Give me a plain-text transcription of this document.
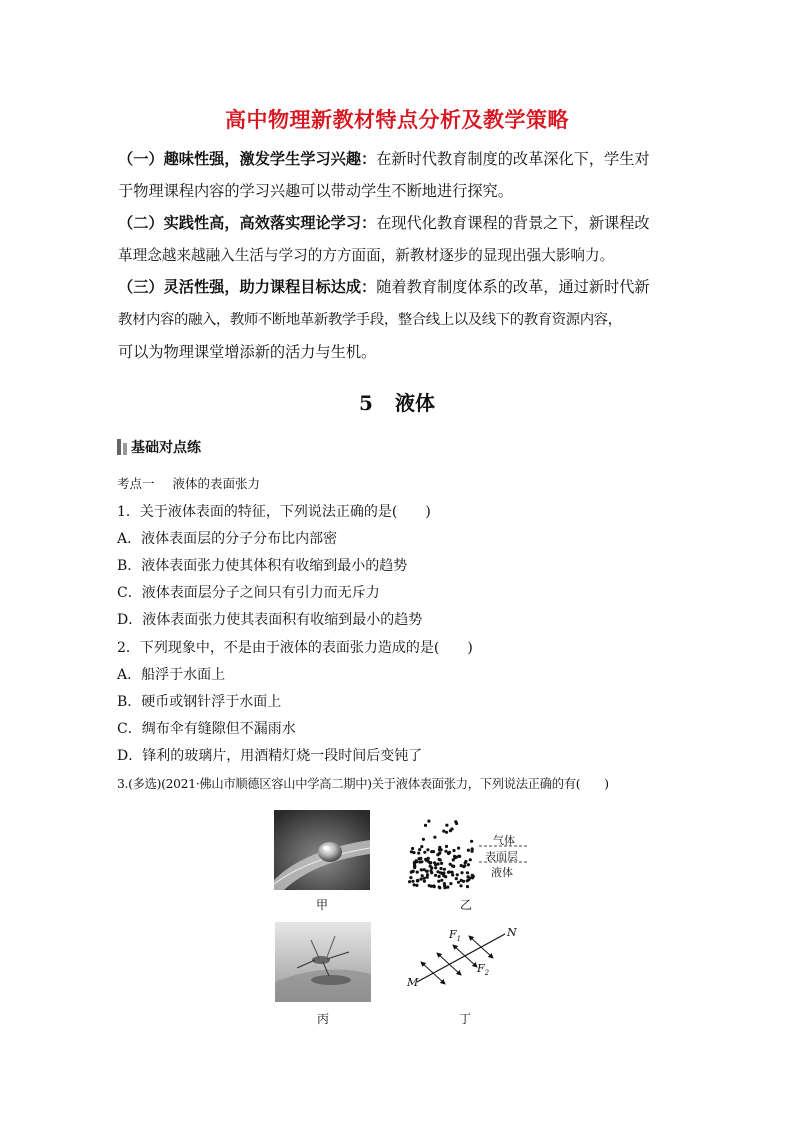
高中物理新教材特点分析及教学策略
（一）趣味性强，激发学生学习兴趣：在新时代教育制度的改革深化下，学生对
于物理课程内容的学习兴趣可以带动学生不断地进行探究。
（二）实践性高，高效落实理论学习：在现代化教育课程的背景之下，新课程改
革理念越来越融入生活与学习的方方面面，新教材逐步的显现出强大影响力。
（三）灵活性强，助力课程目标达成：随着教育制度体系的改革，通过新时代新
教材内容的融入，教师不断地革新教学手段，整合线上以及线下的教育资源内容，
可以为物理课堂增添新的活力与生机。
5 液体
基础对点练
考点一 液体的表面张力
1．关于液体表面的特征，下列说法正确的是(　　)
A．液体表面层的分子分布比内部密
B．液体表面张力使其体积有收缩到最小的趋势
C．液体表面层分子之间只有引力而无斥力
D．液体表面张力使其表面积有收缩到最小的趋势
2．下列现象中，不是由于液体的表面张力造成的是(　　)
A．船浮于水面上
B．硬币或钢针浮于水面上
C．绸布伞有缝隙但不漏雨水
D．锋利的玻璃片，用酒精灯烧一段时间后变钝了
3.(多选)(2021·佛山市顺德区容山中学高二期中)关于液体表面张力，下列说法正确的有(　　)
甲
气体
表面层
液体
乙
丙
$F_1$
$F_2$
M
N
丁
